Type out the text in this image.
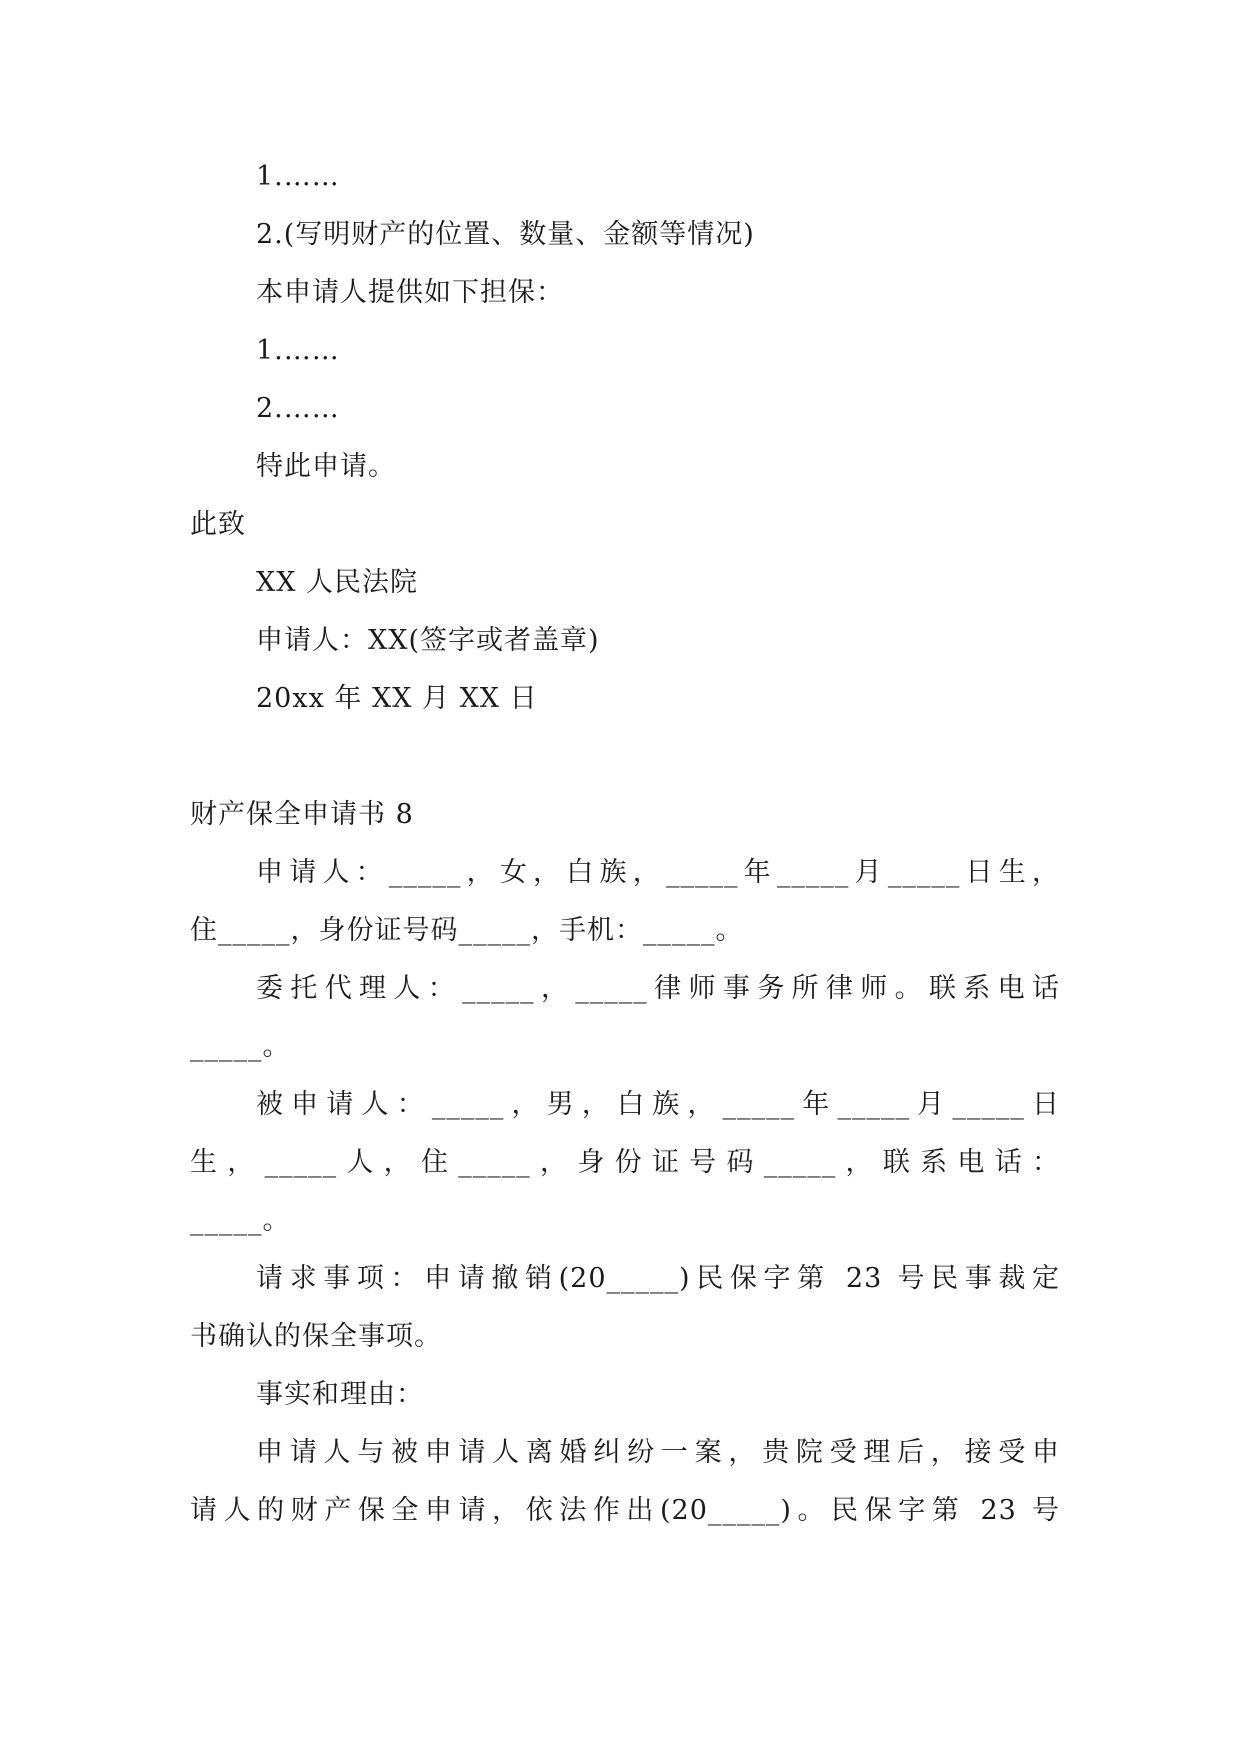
1.……
2.(写明财产的位置、数量、金额等情况)
本申请人提供如下担保：
1.……
2.……
特此申请。
此致
XX 人民法院
申请人：XX(签字或者盖章)
20xx 年 XX 月 XX 日
财产保全申请书 8
申请人：_____，女，白族，_____年_____月_____日生，
住_____，身份证号码_____，手机：_____。
委托代理人：_____，_____律师事务所律师。联系电话
_____。
被申请人：_____，男，白族，_____年_____月_____日
生，_____人，住_____，身份证号码_____，联系电话：
_____。
请求事项：申请撤销(20_____)民保字第 23 号民事裁定
书确认的保全事项。
事实和理由：
申请人与被申请人离婚纠纷一案，贵院受理后，接受申
请人的财产保全申请，依法作出(20_____)。民保字第 23 号
